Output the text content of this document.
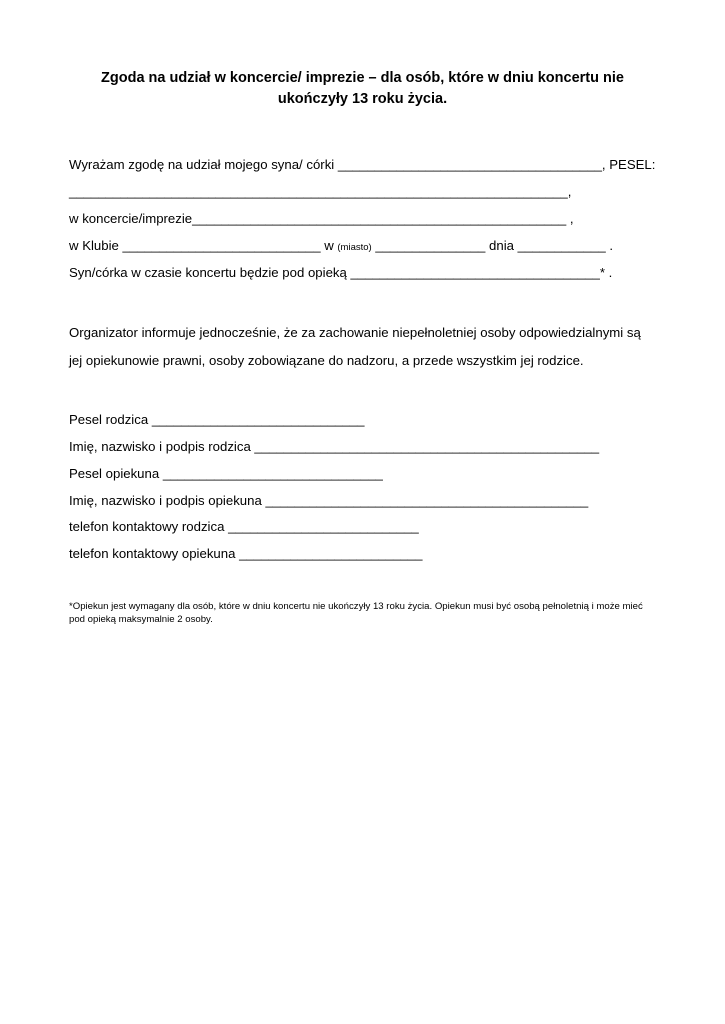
Zgoda na udział w koncercie/ imprezie – dla osób, które w dniu koncertu nie
ukończyły 13 roku życia.
Wyrażam zgodę na udział mojego syna/ córki ____________________________________, PESEL:
____________________________________________________________________,
w koncercie/imprezie___________________________________________________ ,
w Klubie ___________________________ w (miasto) _______________ dnia ____________ .
Syn/córka w czasie koncertu będzie pod opieką __________________________________* .
Organizator informuje jednocześnie, że za zachowanie niepełnoletniej osoby odpowiedzialnymi są jej opiekunowie prawni, osoby zobowiązane do nadzoru, a przede wszystkim jej rodzice.
Pesel rodzica _____________________________
Imię, nazwisko i podpis rodzica _______________________________________________
Pesel opiekuna ______________________________
Imię, nazwisko i podpis opiekuna ____________________________________________
telefon kontaktowy rodzica __________________________
telefon kontaktowy opiekuna _________________________
*Opiekun jest wymagany dla osób, które w dniu koncertu nie ukończyły 13 roku życia. Opiekun musi być osobą pełnoletnią i może mieć pod opieką maksymalnie 2 osoby.
